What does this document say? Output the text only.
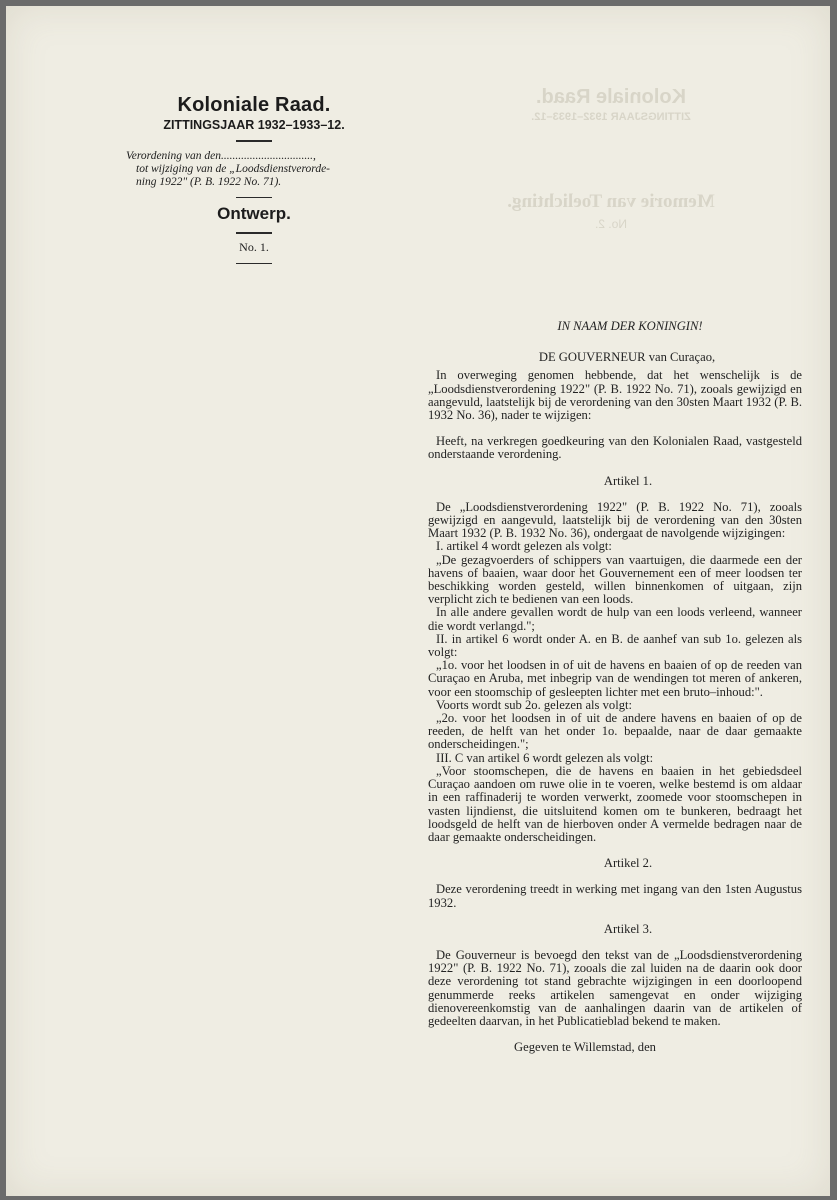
Koloniale Raad.
ZITTINGSJAAR 1932–1933–12.
Memorie van Toelichting.
No. 2.
Koloniale Raad.
ZITTINGSJAAR 1932–1933–12.
Verordening van den................................,
tot wijziging van de „Loodsdienstverorde-
ning 1922" (P. B. 1922 No. 71).
Ontwerp.
No. 1.

IN NAAM DER KONINGIN!

DE GOUVERNEUR van Curaçao,

In overweging genomen hebbende, dat het wenschelijk is de „Loodsdienstverordening 1922" (P. B. 1922 No. 71), zooals gewijzigd en aangevuld, laatstelijk bij de verordening van den 30sten Maart 1932 (P. B. 1932 No. 36), nader te wijzigen:

Heeft, na verkregen goedkeuring van den Kolonialen Raad, vastgesteld onderstaande verordening.

Artikel 1.

De „Loodsdienstverordening 1922" (P. B. 1922 No. 71), zooals gewijzigd en aangevuld, laatstelijk bij de verordening van den 30sten Maart 1932 (P. B. 1932 No. 36), ondergaat de navolgende wijzigingen:

I. artikel 4 wordt gelezen als volgt:

„De gezagvoerders of schippers van vaartuigen, die daarmede een der havens of baaien, waar door het Gouvernement een of meer loodsen ter beschikking worden gesteld, willen binnenkomen of uitgaan, zijn verplicht zich te bedienen van een loods.

In alle andere gevallen wordt de hulp van een loods verleend, wanneer die wordt verlangd.";

II. in artikel 6 wordt onder A. en B. de aanhef van sub 1o. gelezen als volgt:

„1o. voor het loodsen in of uit de havens en baaien of op de reeden van Curaçao en Aruba, met inbegrip van de wendingen tot meren of ankeren, voor een stoomschip of gesleepten lichter met een bruto–inhoud:".

Voorts wordt sub 2o. gelezen als volgt:

„2o. voor het loodsen in of uit de andere havens en baaien of op de reeden, de helft van het onder 1o. bepaalde, naar de daar gemaakte onderscheidingen.";

III. C van artikel 6 wordt gelezen als volgt:

„Voor stoomschepen, die de havens en baaien in het gebiedsdeel Curaçao aandoen om ruwe olie in te voeren, welke bestemd is om aldaar in een raffinaderij te worden verwerkt, zoomede voor stoomschepen in vasten lijndienst, die uitsluitend komen om te bunkeren, bedraagt het loodsgeld de helft van de hierboven onder A vermelde bedragen naar de daar gemaakte onderscheidingen.

Artikel 2.

Deze verordening treedt in werking met ingang van den 1sten Augustus 1932.

Artikel 3.

De Gouverneur is bevoegd den tekst van de „Loodsdienstverordening 1922" (P. B. 1922 No. 71), zooals die zal luiden na de daarin ook door deze verordening tot stand gebrachte wijzigingen in een doorloopend genummerde reeks artikelen samengevat en onder wijziging dienovereenkomstig van de aanhalingen daarin van de artikelen of gedeelten daarvan, in het Publicatieblad bekend te maken.

Gegeven te Willemstad, den
